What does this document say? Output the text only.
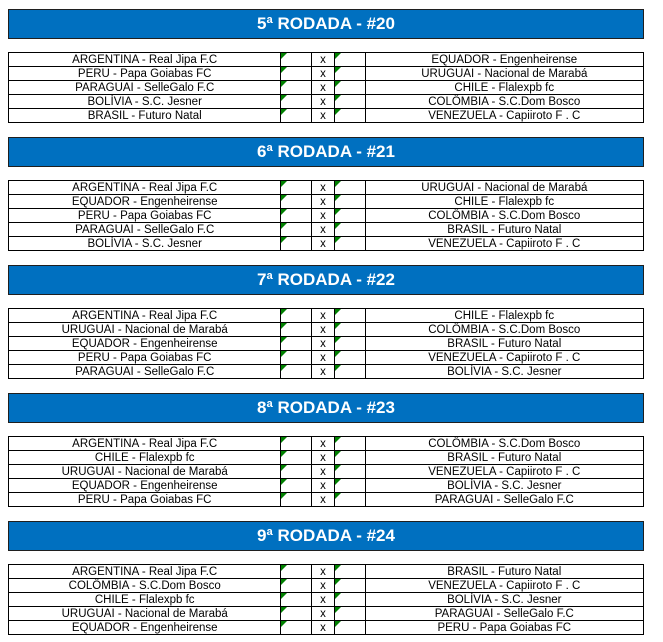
5ª RODADA - #20
ARGENTINA - Real Jipa F.C		x		EQUADOR - Engenheirense
PERU - Papa Goiabas FC		x		URUGUAI - Nacional de Marabá
PARAGUAI - SelleGalo F.C		x		CHILE - Flalexpb fc
BOLÍVIA - S.C. Jesner		x		COLÔMBIA - S.C.Dom Bosco
BRASIL - Futuro Natal		x		VENEZUELA - Capiiroto F . C
6ª RODADA - #21
ARGENTINA - Real Jipa F.C		x		URUGUAI - Nacional de Marabá
EQUADOR - Engenheirense		x		CHILE - Flalexpb fc
PERU - Papa Goiabas FC		x		COLÔMBIA - S.C.Dom Bosco
PARAGUAI - SelleGalo F.C		x		BRASIL - Futuro Natal
BOLÍVIA - S.C. Jesner		x		VENEZUELA - Capiiroto F . C
7ª RODADA - #22
ARGENTINA - Real Jipa F.C		x		CHILE - Flalexpb fc
URUGUAI - Nacional de Marabá		x		COLÔMBIA - S.C.Dom Bosco
EQUADOR - Engenheirense		x		BRASIL - Futuro Natal
PERU - Papa Goiabas FC		x		VENEZUELA - Capiiroto F . C
PARAGUAI - SelleGalo F.C		x		BOLÍVIA - S.C. Jesner
8ª RODADA - #23
ARGENTINA - Real Jipa F.C		x		COLÔMBIA - S.C.Dom Bosco
CHILE - Flalexpb fc		x		BRASIL - Futuro Natal
URUGUAI - Nacional de Marabá		x		VENEZUELA - Capiiroto F . C
EQUADOR - Engenheirense		x		BOLÍVIA - S.C. Jesner
PERU - Papa Goiabas FC		x		PARAGUAI - SelleGalo F.C
9ª RODADA - #24
ARGENTINA - Real Jipa F.C		x		BRASIL - Futuro Natal
COLÔMBIA - S.C.Dom Bosco		x		VENEZUELA - Capiiroto F . C
CHILE - Flalexpb fc		x		BOLÍVIA - S.C. Jesner
URUGUAI - Nacional de Marabá		x		PARAGUAI - SelleGalo F.C
EQUADOR - Engenheirense		x		PERU - Papa Goiabas FC
